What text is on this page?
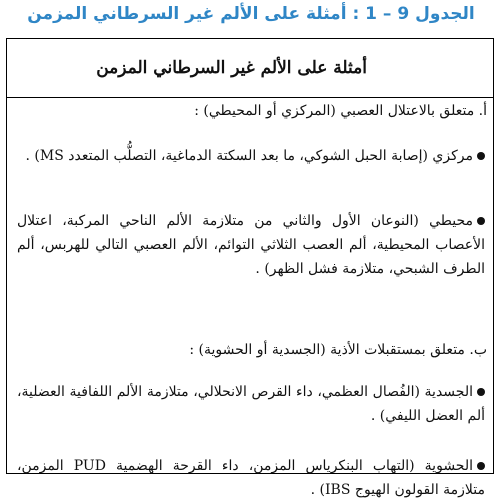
الجدول 9 – 1 : أمثلة على الألم غير السرطاني المزمن
أمثلة على الألم غير السرطاني المزمن
أ. متعلق بالاعتلال العصبي (المركزي أو المحيطي) :
مركزي (إصابة الحبل الشوكي، ما بعد السكتة الدماغية، التصلُّب المتعدد MS) .
محيطي (النوعان الأول والثاني من متلازمة الألم الناحي المركبة، اعتلال الأعصاب المحيطية، ألم العصب الثلاثي التوائم، الألم العصبي التالي للهربس، ألم الطرف الشبحي، متلازمة فشل الظهر) .
ب. متعلق بمستقبلات الأذية (الجسدية أو الحشوية) :
الجسدية (الفُصال العظمي، داء القرص الانحلالي، متلازمة الألم اللفافية العضلية، ألم العضل الليفي) .
الحشوية (التهاب البنكرياس المزمن، داء القرحة الهضمية PUD المزمن، متلازمة القولون الهيوج IBS) .
